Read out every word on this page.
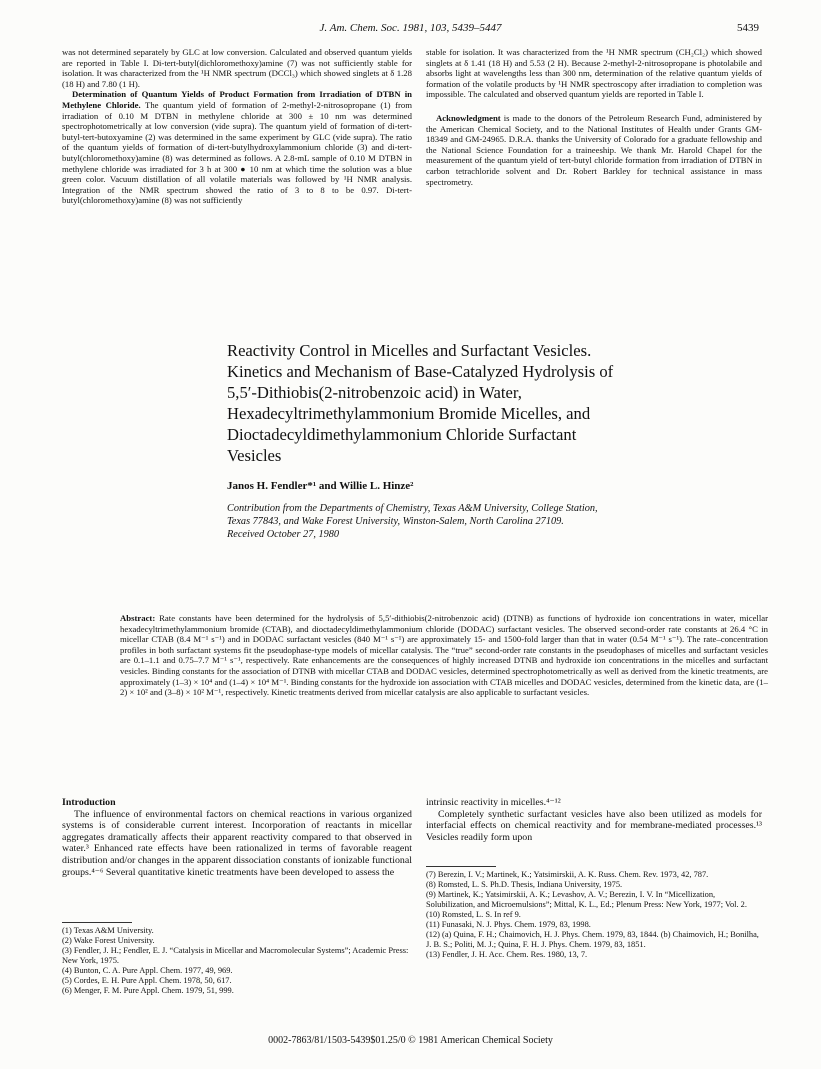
J. Am. Chem. Soc. 1981, 103, 5439–5447	5439

was not determined separately by GLC at low conversion. Calculated and observed quantum yields are reported in Table I. Di-tert-butyl(dichloromethoxy)amine (7) was not sufficiently stable for isolation. It was characterized from the ¹H NMR spectrum (DCCl₃) which showed singlets at δ 1.28 (18 H) and 7.80 (1 H).

Determination of Quantum Yields of Product Formation from Irradiation of DTBN in Methylene Chloride. The quantum yield of formation of 2-methyl-2-nitrosopropane (1) from irradiation of 0.10 M DTBN in methylene chloride at 300 ± 10 nm was determined spectrophotometrically at low conversion (vide supra). The quantum yield of formation of di-tert-butyl-tert-butoxyamine (2) was determined in the same experiment by GLC (vide supra). The ratio of the quantum yields of formation of di-tert-butylhydroxylammonium chloride (3) and di-tert-butyl(chloromethoxy)amine (8) was determined as follows. A 2.8-mL sample of 0.10 M DTBN in methylene chloride was irradiated for 3 h at 300 ● 10 nm at which time the solution was a blue green color. Vacuum distillation of all volatile materials was followed by ¹H NMR analysis. Integration of the NMR spectrum showed the ratio of 3 to 8 to be 0.97. Di-tert-butyl(chloromethoxy)amine (8) was not sufficiently

stable for isolation. It was characterized from the ¹H NMR spectrum (CH₂Cl₂) which showed singlets at δ 1.41 (18 H) and 5.53 (2 H). Because 2-methyl-2-nitrosopropane is photolabile and absorbs light at wavelengths less than 300 nm, determination of the relative quantum yields of formation of the volatile products by ¹H NMR spectroscopy after irradiation to completion was impossible. The calculated and observed quantum yields are reported in Table I.

Acknowledgment is made to the donors of the Petroleum Research Fund, administered by the American Chemical Society, and to the National Institutes of Health under Grants GM-18349 and GM-24965. D.R.A. thanks the University of Colorado for a graduate fellowship and the National Science Foundation for a traineeship. We thank Mr. Harold Chapel for the measurement of the quantum yield of tert-butyl chloride formation from irradiation of DTBN in carbon tetrachloride solvent and Dr. Robert Barkley for technical assistance in mass spectrometry.

Reactivity Control in Micelles and Surfactant Vesicles.
Kinetics and Mechanism of Base-Catalyzed Hydrolysis of
5,5′-Dithiobis(2-nitrobenzoic acid) in Water,
Hexadecyltrimethylammonium Bromide Micelles, and
Dioctadecyldimethylammonium Chloride Surfactant
Vesicles
Janos H. Fendler*¹ and Willie L. Hinze²
Contribution from the Departments of Chemistry, Texas A&M University, College Station,
Texas 77843, and Wake Forest University, Winston-Salem, North Carolina 27109.
Received October 27, 1980
Abstract: Rate constants have been determined for the hydrolysis of 5,5′-dithiobis(2-nitrobenzoic acid) (DTNB) as functions of hydroxide ion concentrations in water, micellar hexadecyltrimethylammonium bromide (CTAB), and dioctadecyldimethylammonium chloride (DODAC) surfactant vesicles. The observed second-order rate constants at 26.4 °C in micellar CTAB (8.4 M⁻¹ s⁻¹) and in DODAC surfactant vesicles (840 M⁻¹ s⁻¹) are approximately 15- and 1500-fold larger than that in water (0.54 M⁻¹ s⁻¹). The rate–concentration profiles in both surfactant systems fit the pseudophase-type models of micellar catalysis. The “true” second-order rate constants in the pseudophases of micelles and surfactant vesicles are 0.1–1.1 and 0.75–7.7 M⁻¹ s⁻¹, respectively. Rate enhancements are the consequences of highly increased DTNB and hydroxide ion concentrations in the micelles and surfactant vesicles. Binding constants for the association of DTNB with micellar CTAB and DODAC vesicles, determined spectrophotometrically as well as derived from the kinetic treatments, are approximately (1–3) × 10⁴ and (1–4) × 10⁴ M⁻¹. Binding constants for the hydroxide ion association with CTAB micelles and DODAC vesicles, determined from the kinetic data, are (1–2) × 10² and (3–8) × 10² M⁻¹, respectively. Kinetic treatments derived from micellar catalysis are also applicable to surfactant vesicles.
Introduction

The influence of environmental factors on chemical reactions in various organized systems is of considerable current interest. Incorporation of reactants in micellar aggregates dramatically affects their apparent reactivity compared to that observed in water.³ Enhanced rate effects have been rationalized in terms of favorable reagent distribution and/or changes in the apparent dissociation constants of ionizable functional groups.⁴⁻⁶ Several quantitative kinetic treatments have been developed to assess the

intrinsic reactivity in micelles.⁴⁻¹²

Completely synthetic surfactant vesicles have also been utilized as models for interfacial effects on chemical reactivity and for membrane-mediated processes.¹³ Vesicles readily form upon

(1) Texas A&M University.
(2) Wake Forest University.
(3) Fendler, J. H.; Fendler, E. J. “Catalysis in Micellar and Macromolecular Systems”; Academic Press: New York, 1975.
(4) Bunton, C. A. Pure Appl. Chem. 1977, 49, 969.
(5) Cordes, E. H. Pure Appl. Chem. 1978, 50, 617.
(6) Menger, F. M. Pure Appl. Chem. 1979, 51, 999.
(7) Berezin, I. V.; Martinek, K.; Yatsimirskii, A. K. Russ. Chem. Rev. 1973, 42, 787.
(8) Romsted, L. S. Ph.D. Thesis, Indiana University, 1975.
(9) Martinek, K.; Yatsimirskii, A. K.; Levashov, A. V.; Berezin, I. V. In “Micellization, Solubilization, and Microemulsions”; Mittal, K. L., Ed.; Plenum Press: New York, 1977; Vol. 2.
(10) Romsted, L. S. In ref 9.
(11) Funasaki, N. J. Phys. Chem. 1979, 83, 1998.
(12) (a) Quina, F. H.; Chaimovich, H. J. Phys. Chem. 1979, 83, 1844. (b) Chaimovich, H.; Bonilha, J. B. S.; Politi, M. J.; Quina, F. H. J. Phys. Chem. 1979, 83, 1851.
(13) Fendler, J. H. Acc. Chem. Res. 1980, 13, 7.
0002-7863/81/1503-5439$01.25/0 © 1981 American Chemical Society
